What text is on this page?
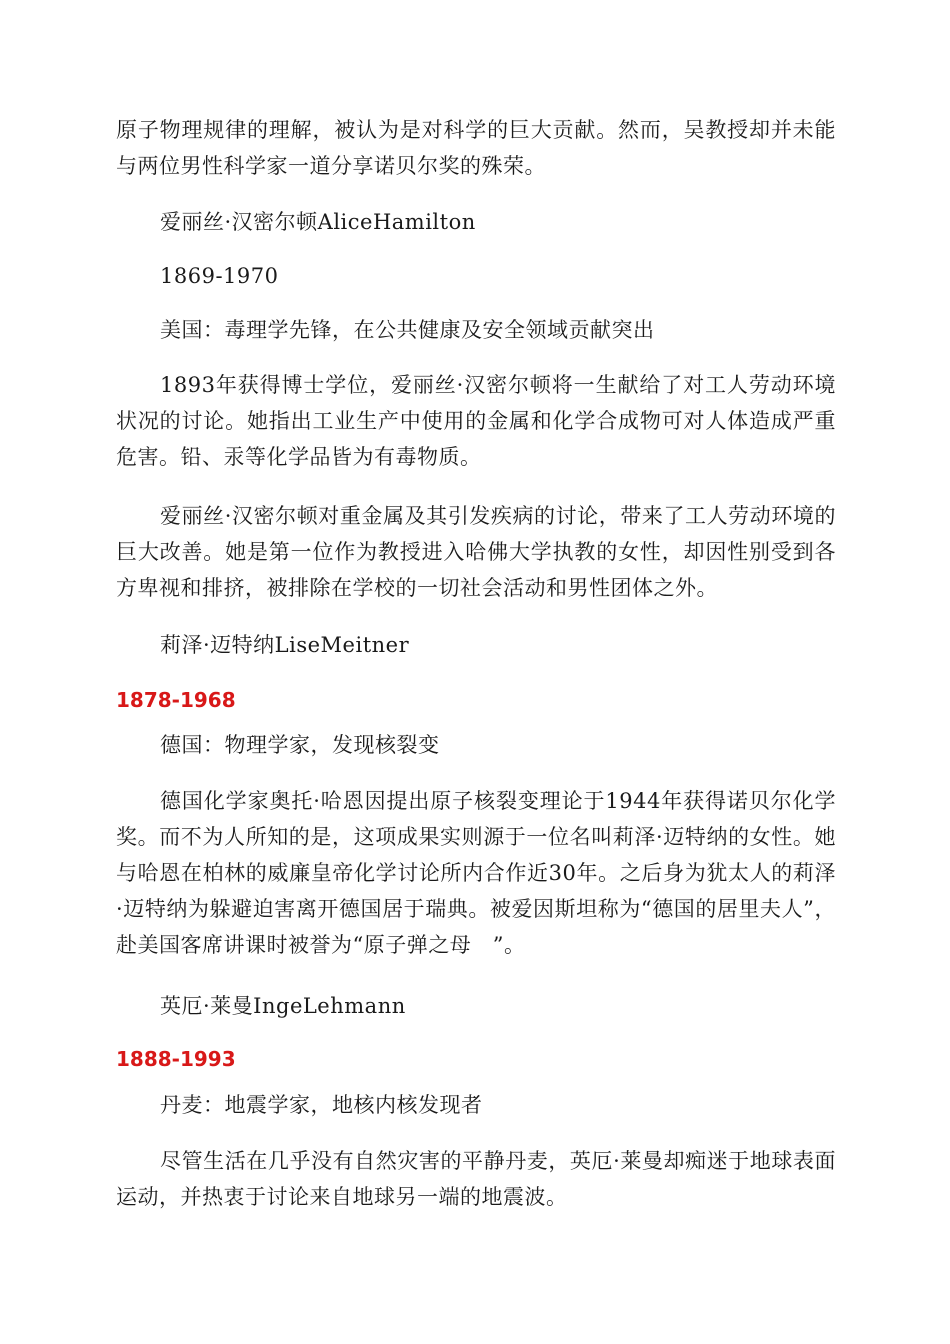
原子物理规律的理解，被认为是对科学的巨大贡献。然而，吴教授却并未能与两位男性科学家一道分享诺贝尔奖的殊荣。

爱丽丝·汉密尔顿AliceHamilton

1869-1970

美国：毒理学先锋，在公共健康及安全领域贡献突出

1893年获得博士学位，爱丽丝·汉密尔顿将一生献给了对工人劳动环境状况的讨论。她指出工业生产中使用的金属和化学合成物可对人体造成严重危害。铅、汞等化学品皆为有毒物质。

爱丽丝·汉密尔顿对重金属及其引发疾病的讨论，带来了工人劳动环境的巨大改善。她是第一位作为教授进入哈佛大学执教的女性，却因性别受到各方卑视和排挤，被排除在学校的一切社会活动和男性团体之外。

莉泽·迈特纳LiseMeitner

1878-1968

德国：物理学家，发现核裂变

德国化学家奥托·哈恩因提出原子核裂变理论于1944年获得诺贝尔化学奖。而不为人所知的是，这项成果实则源于一位名叫莉泽·迈特纳的女性。她与哈恩在柏林的威廉皇帝化学讨论所内合作近30年。之后身为犹太人的莉泽·迈特纳为躲避迫害离开德国居于瑞典。被爱因斯坦称为“德国的居里夫人”，赴美国客席讲课时被誉为“原子弹之母　”。

英厄·莱曼IngeLehmann

1888-1993

丹麦：地震学家，地核内核发现者

尽管生活在几乎没有自然灾害的平静丹麦，英厄·莱曼却痴迷于地球表面运动，并热衷于讨论来自地球另一端的地震波。
